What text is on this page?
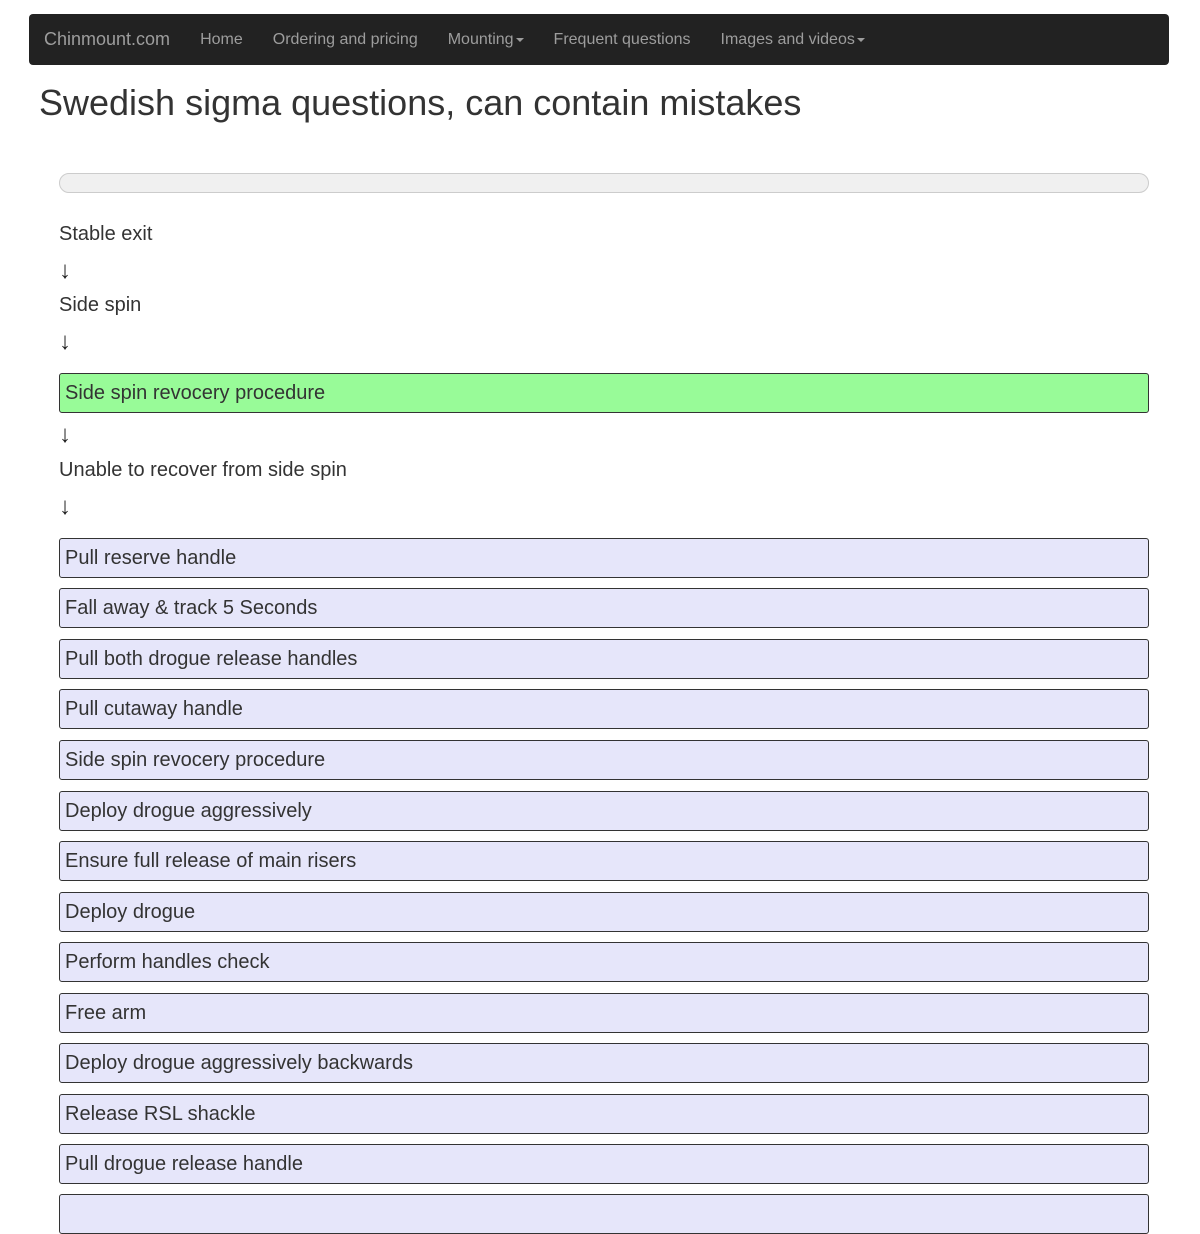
Chinmount.com	Home Ordering and pricing Mounting	Frequent questions Images and videos
Swedish sigma questions, can contain mistakes
Stable exit
↓
Side spin
↓
Side spin revocery procedure
↓
Unable to recover from side spin
↓
Pull reserve handle
Fall away & track 5 Seconds
Pull both drogue release handles
Pull cutaway handle
Side spin revocery procedure
Deploy drogue aggressively
Ensure full release of main risers
Deploy drogue
Perform handles check
Free arm
Deploy drogue aggressively backwards
Release RSL shackle
Pull drogue release handle
